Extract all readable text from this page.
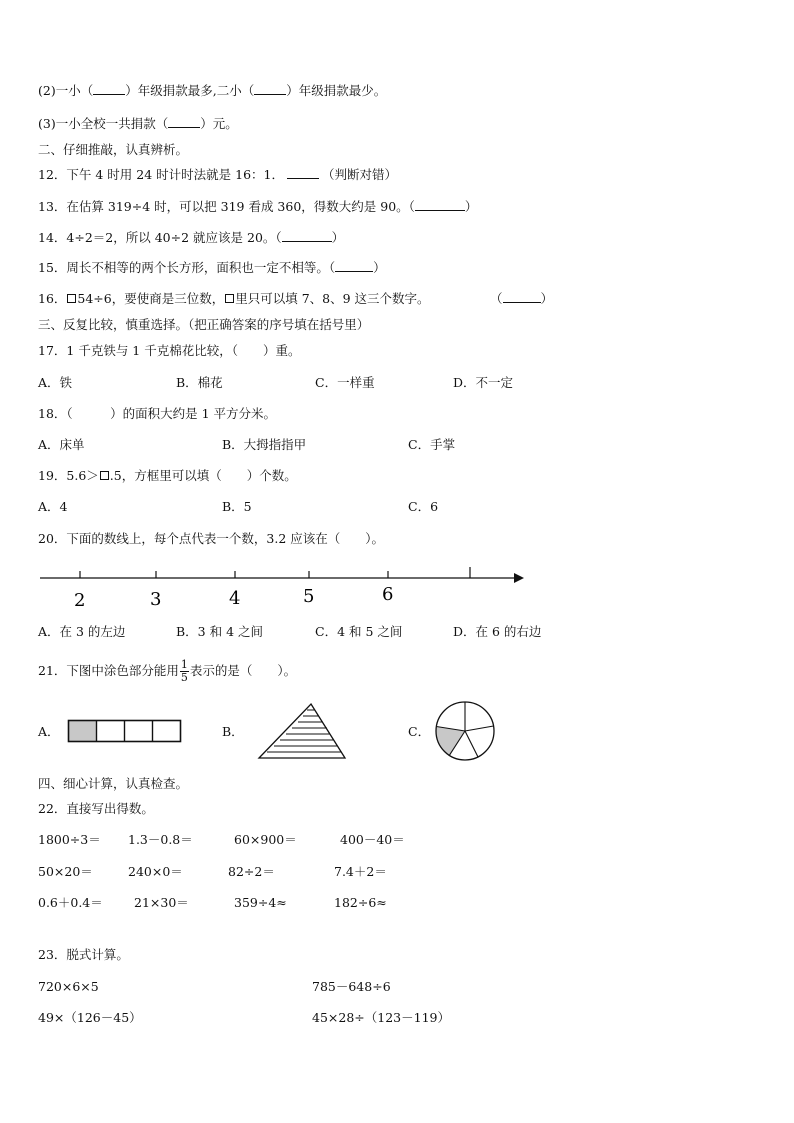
(2)一小（	）年级捐款最多,二小（	）年级捐款最少。
(3)一小全校一共捐款（	）元。
二、仔细推敲，认真辨析。
12．下午 4 时用 24 时计时法就是 16：1．	（判断对错）
13．在估算 319÷4 时，可以把 319 看成 360，得数大约是 90。（	）
14．4÷2＝2，所以 40÷2 就应该是 20。（	）
15．周长不相等的两个长方形，面积也一定不相等。（	）
16． 54÷6，要使商是三位数， 里只可以填 7、8、9 这三个数字。	（	）
三、反复比较，慎重选择。（把正确答案的序号填在括号里）
17．1 千克铁与 1 千克棉花比较，（　　）重。
A．铁	B．棉花	C．一样重	D．不一定
18．（　　　）的面积大约是 1 平方分米。
A．床单	B．大拇指指甲	C．手掌
19．5.6＞ .5，方框里可以填（　　）个数。
A．4	B．5	C．6
20．下面的数线上，每个点代表一个数，3.2 应该在（　　）。
2	3	4	5	6
A．在 3 的左边	B．3 和 4 之间	C．4 和 5 之间	D．在 6 的右边
21．下图中涂色部分能用 $\frac{1}{5}$ 表示的是（　　）。
A．	B．	C．
四、细心计算，认真检查。
22．直接写出得数。
1800÷3＝ 1.3－0.8＝	60×900＝	400－40＝
50×20＝	240×0＝	82÷2＝	7.4＋2＝
0.6＋0.4＝ 21×30＝	359÷4≈	182÷6≈
23．脱式计算。
720×6×5	785－648÷6
49×（126－45）	45×28÷（123－119）
